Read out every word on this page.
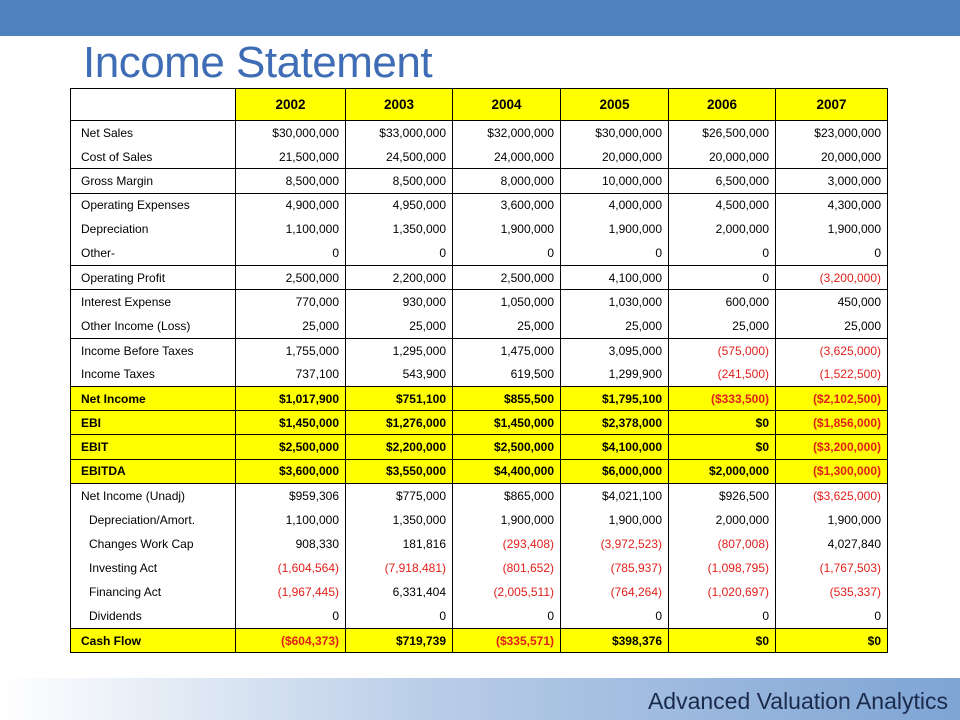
Income Statement
	2002	2003	2004	2005	2006	2007
Net Sales	$30,000,000	$33,000,000	$32,000,000	$30,000,000	$26,500,000	$23,000,000
Cost of Sales	21,500,000	24,500,000	24,000,000	20,000,000	20,000,000	20,000,000
Gross Margin	8,500,000	8,500,000	8,000,000	10,000,000	6,500,000	3,000,000
Operating Expenses	4,900,000	4,950,000	3,600,000	4,000,000	4,500,000	4,300,000
Depreciation	1,100,000	1,350,000	1,900,000	1,900,000	2,000,000	1,900,000
Other-	0	0	0	0	0	0
Operating Profit	2,500,000	2,200,000	2,500,000	4,100,000	0	(3,200,000)
Interest Expense	770,000	930,000	1,050,000	1,030,000	600,000	450,000
Other Income (Loss)	25,000	25,000	25,000	25,000	25,000	25,000
Income Before Taxes	1,755,000	1,295,000	1,475,000	3,095,000	(575,000)	(3,625,000)
Income Taxes	737,100	543,900	619,500	1,299,900	(241,500)	(1,522,500)
Net Income	$1,017,900	$751,100	$855,500	$1,795,100	($333,500)	($2,102,500)
EBI	$1,450,000	$1,276,000	$1,450,000	$2,378,000	$0	($1,856,000)
EBIT	$2,500,000	$2,200,000	$2,500,000	$4,100,000	$0	($3,200,000)
EBITDA	$3,600,000	$3,550,000	$4,400,000	$6,000,000	$2,000,000	($1,300,000)
Net Income (Unadj)	$959,306	$775,000	$865,000	$4,021,100	$926,500	($3,625,000)
Depreciation/Amort.	1,100,000	1,350,000	1,900,000	1,900,000	2,000,000	1,900,000
Changes Work Cap	908,330	181,816	(293,408)	(3,972,523)	(807,008)	4,027,840
Investing Act	(1,604,564)	(7,918,481)	(801,652)	(785,937)	(1,098,795)	(1,767,503)
Financing Act	(1,967,445)	6,331,404	(2,005,511)	(764,264)	(1,020,697)	(535,337)
Dividends	0	0	0	0	0	0
Cash Flow	($604,373)	$719,739	($335,571)	$398,376	$0	$0
Advanced Valuation Analytics
